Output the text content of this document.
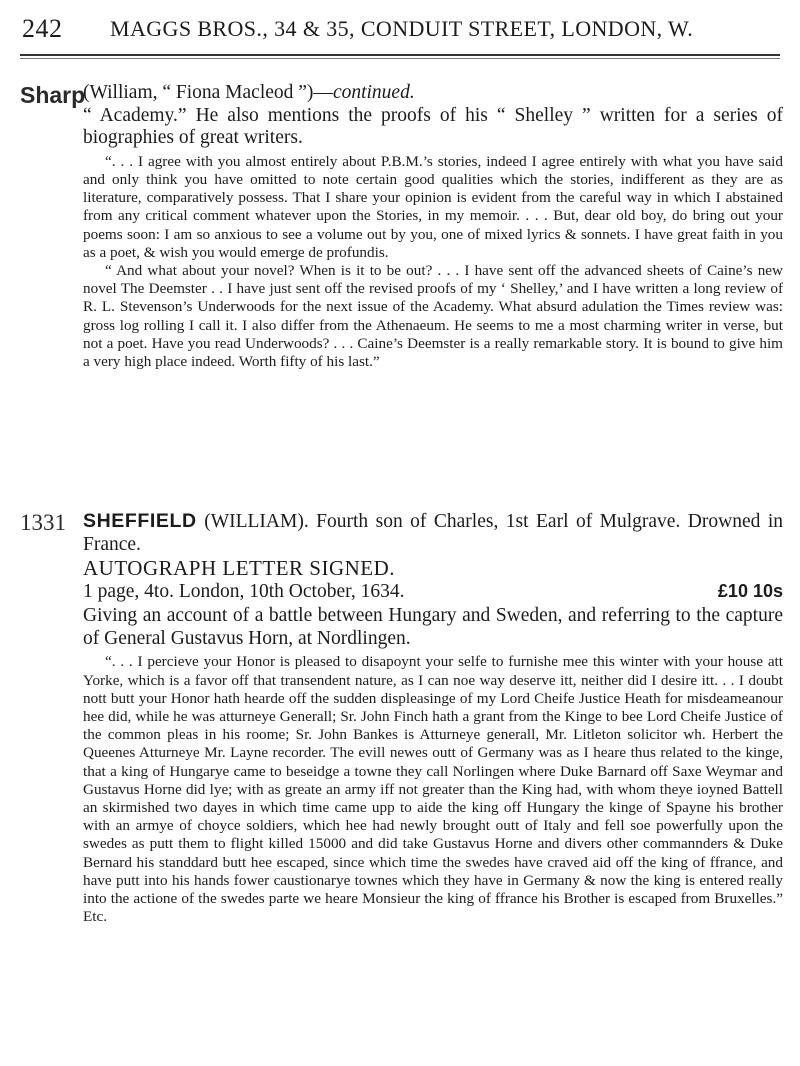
242 MAGGS BROS., 34 & 35, CONDUIT STREET, LONDON, W.
Sharp

(William, “ Fiona Macleod ”)—continued.

“ Academy.” He also mentions the proofs of his “ Shelley ” written for a series of biographies of great writers.

“. . . I agree with you almost entirely about P.B.M.’s stories, indeed I agree entirely with what you have said and only think you have omitted to note certain good qualities which the stories, indifferent as they are as literature, comparatively possess. That I share your opinion is evident from the careful way in which I abstained from any critical comment whatever upon the Stories, in my memoir. . . . But, dear old boy, do bring out your poems soon: I am so anxious to see a volume out by you, one of mixed lyrics & sonnets. I have great faith in you as a poet, & wish you would emerge de profundis.

“ And what about your novel? When is it to be out? . . . I have sent off the advanced sheets of Caine’s new novel The Deemster . . I have just sent off the revised proofs of my ‘ Shelley,’ and I have written a long review of R. L. Stevenson’s Underwoods for the next issue of the Academy. What absurd adulation the Times review was: gross log rolling I call it. I also differ from the Athenaeum. He seems to me a most charming writer in verse, but not a poet. Have you read Underwoods? . . . Caine’s Deemster is a really remarkable story. It is bound to give him a very high place indeed. Worth fifty of his last.”

1331 SHEFFIELD (WILLIAM). Fourth son of Charles, 1st Earl of Mulgrave. Drowned in France.

AUTOGRAPH LETTER SIGNED.

1 page, 4to. London, 10th October, 1634.	£10 10s

Giving an account of a battle between Hungary and Sweden, and referring to the capture of General Gustavus Horn, at Nordlingen.

“. . . I percieve your Honor is pleased to disapoynt your selfe to furnishe mee this winter with your house att Yorke, which is a favor off that transendent nature, as I can noe way deserve itt, neither did I desire itt. . . I doubt nott butt your Honor hath hearde off the sudden displeasinge of my Lord Cheife Justice Heath for misdeameanour hee did, while he was atturneye Generall; Sr. John Finch hath a grant from the Kinge to bee Lord Cheife Justice of the common pleas in his roome; Sr. John Bankes is Atturneye generall, Mr. Litleton solicitor wh. Herbert the Queenes Atturneye Mr. Layne recorder. The evill newes outt of Germany was as I heare thus related to the kinge, that a king of Hungarye came to beseidge a towne they call Norlingen where Duke Barnard off Saxe Weymar and Gustavus Horne did lye; with as greate an army iff not greater than the King had, with whom theye ioyned Battell an skirmished two dayes in which time came upp to aide the king off Hungary the kinge of Spayne his brother with an armye of choyce soldiers, which hee had newly brought outt of Italy and fell soe powerfully upon the swedes as putt them to flight killed 15000 and did take Gustavus Horne and divers other commannders & Duke Bernard his standdard butt hee escaped, since which time the swedes have craved aid off the king of ffrance, and have putt into his hands fower caustionarye townes which they have in Germany & now the king is entered really into the actione of the swedes parte we heare Monsieur the king of ffrance his Brother is escaped from Bruxelles.” Etc.
